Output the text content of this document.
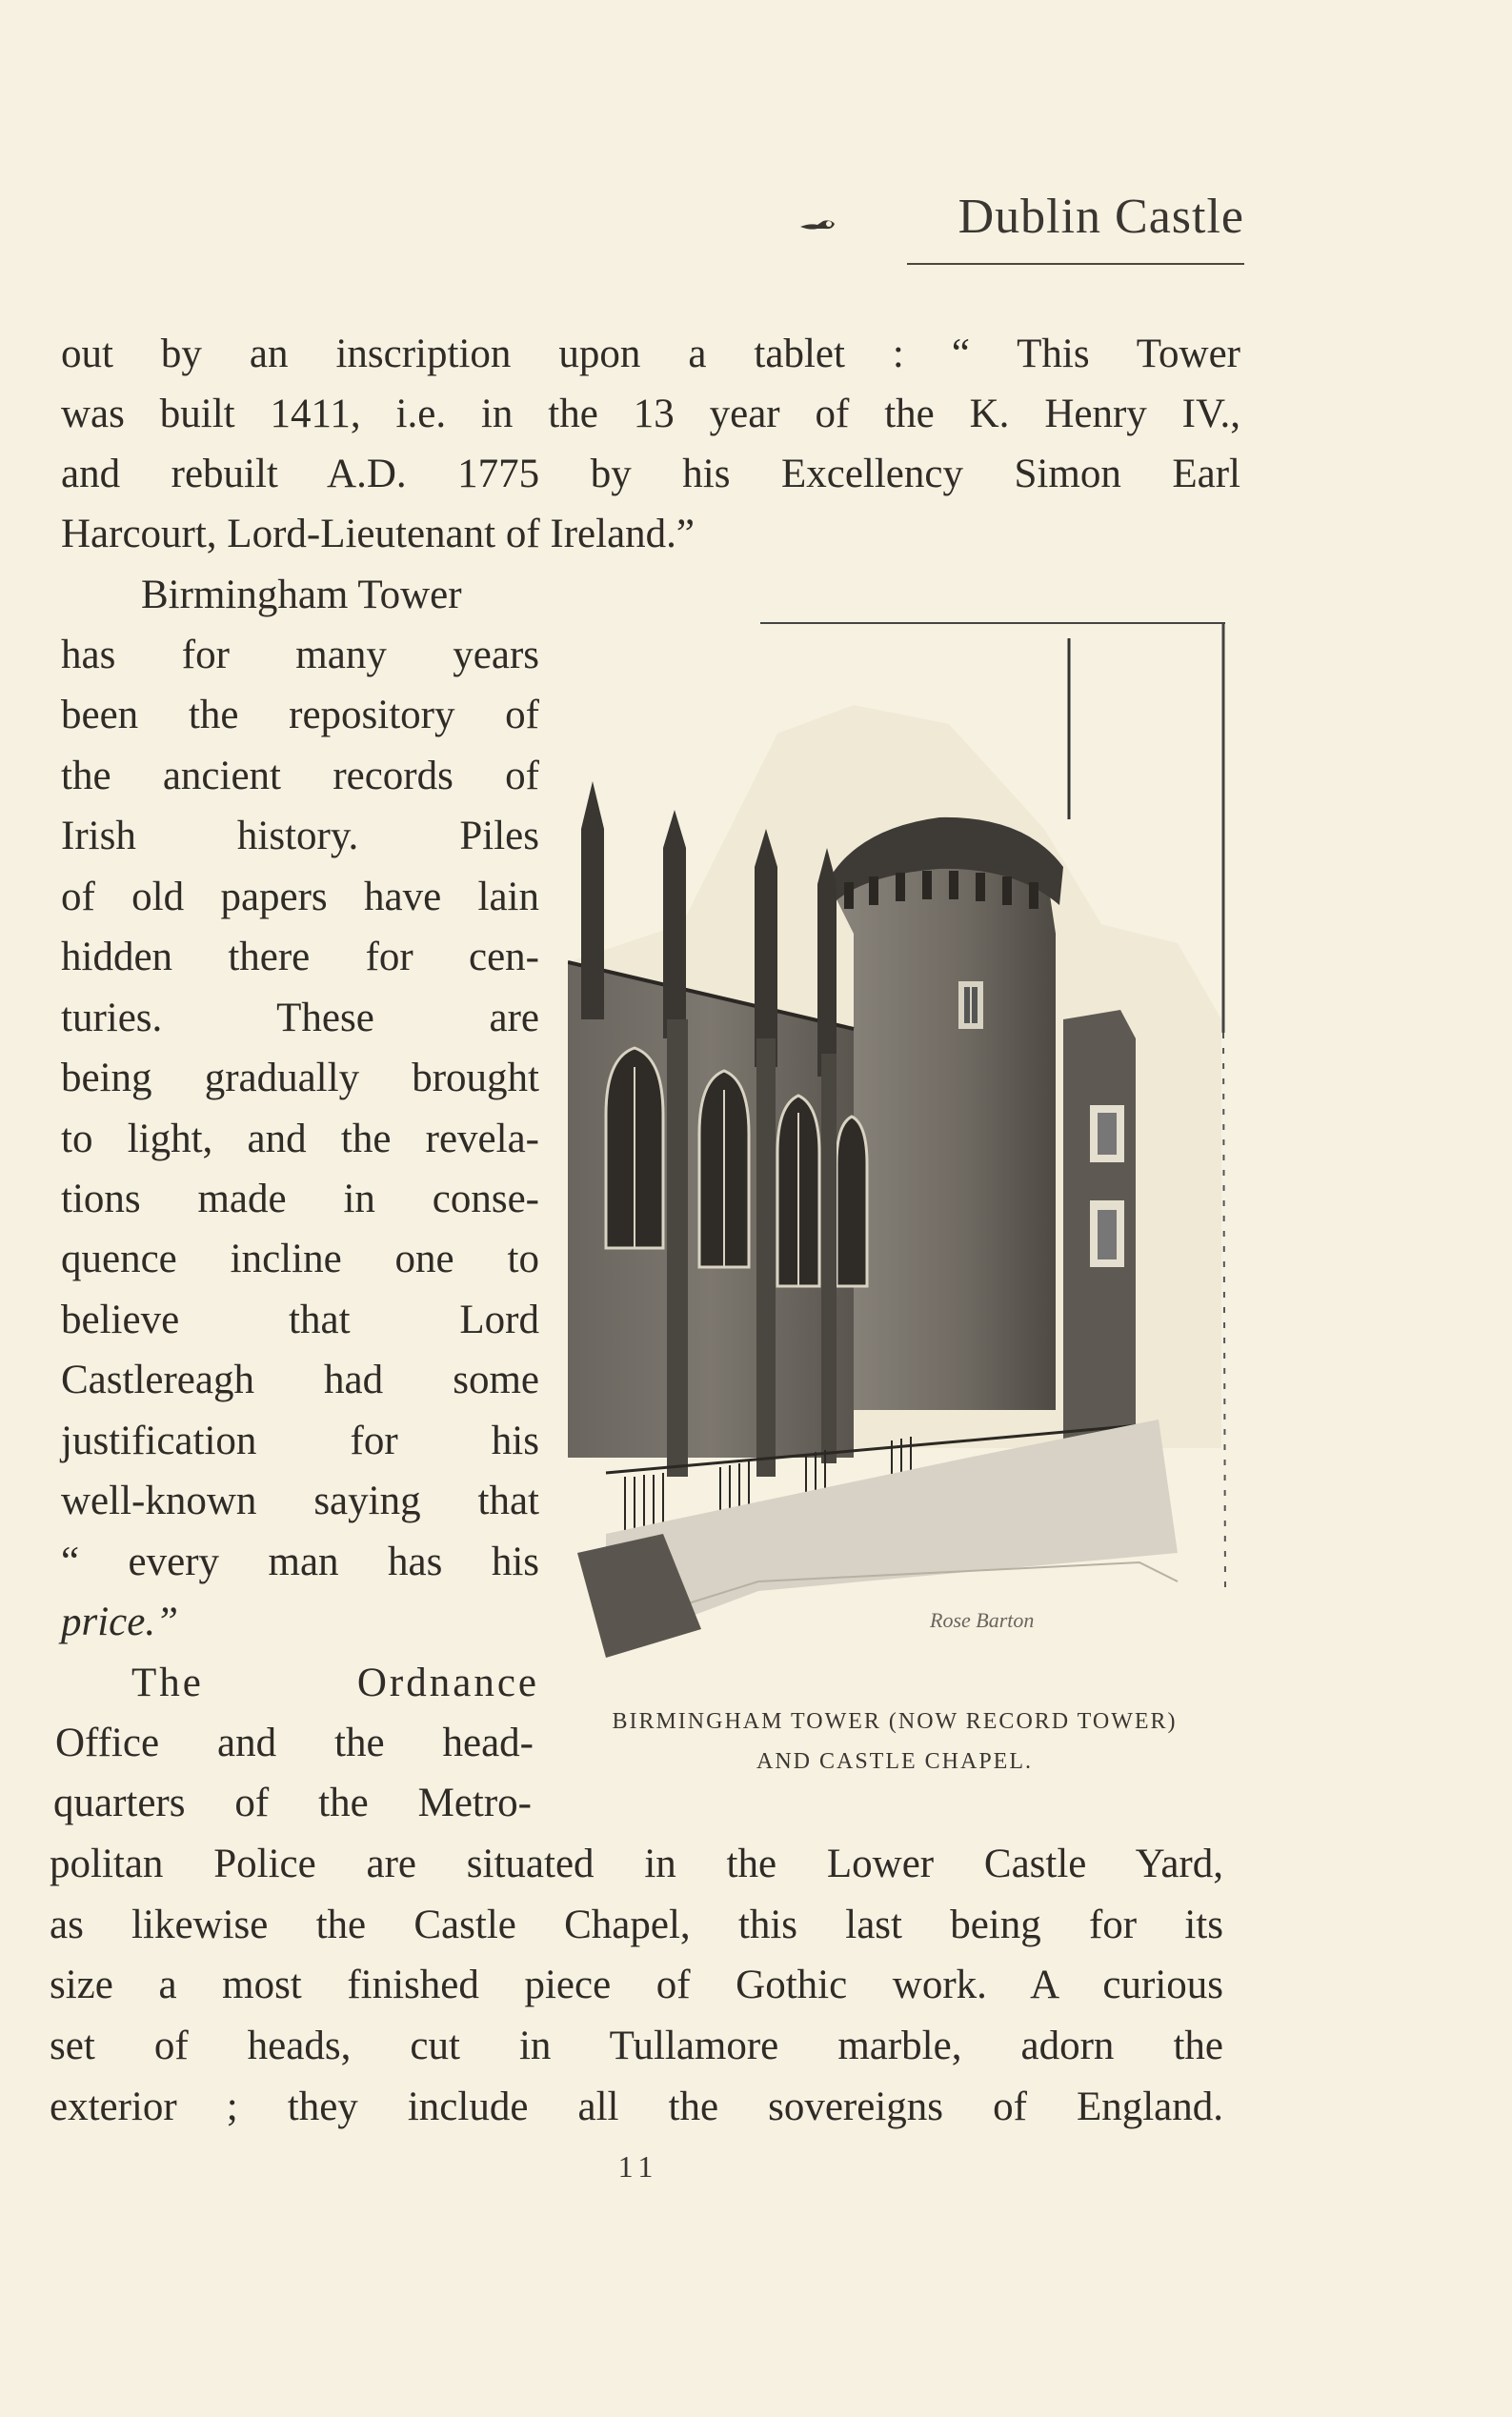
Dublin Castle
out by an inscription upon a tablet : “ This Tower
was built 1411, i.e. in the 13 year of the K. Henry IV.,
and rebuilt A.D. 1775 by his Excellency Simon Earl
Harcourt, Lord-Lieutenant of Ireland.”
Birmingham Tower
has for many years
been the repository of
the ancient records of
Irish history. Piles
of old papers have lain
hidden there for cen-
turies. These are
being gradually brought
to light, and the revela-
tions made in conse-
quence incline one to
believe that Lord
Castlereagh had some
justification for his
well-known saying that
“ every man has his
price.”
The Ordnance
Office and the head-
quarters of the Metro-
politan Police are situated in the Lower Castle Yard,
as likewise the Castle Chapel, this last being for its
size a most finished piece of Gothic work. A curious
set of heads, cut in Tullamore marble, adorn the
exterior ; they include all the sovereigns of England.
Rose Barton
BIRMINGHAM TOWER (NOW RECORD TOWER)
AND CASTLE CHAPEL.
11
